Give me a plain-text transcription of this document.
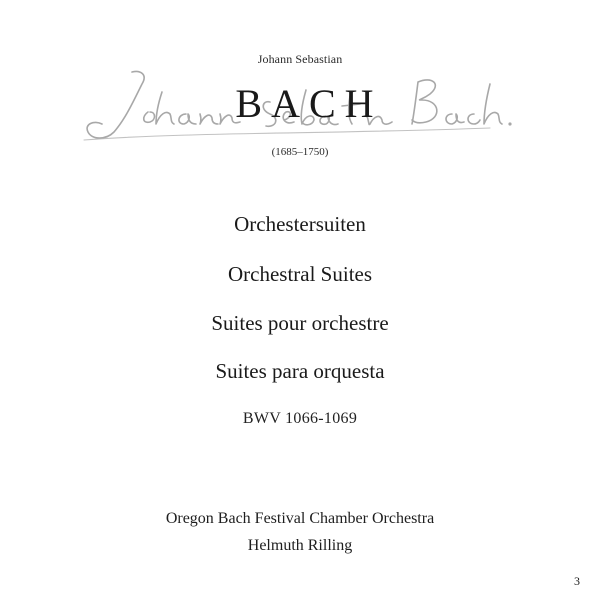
Johann Sebastian
BACH
(1685–1750)
Orchestersuiten
Orchestral Suites
Suites pour orchestre
Suites para orquesta
BWV 1066-1069
Oregon Bach Festival Chamber Orchestra
Helmuth Rilling
3
